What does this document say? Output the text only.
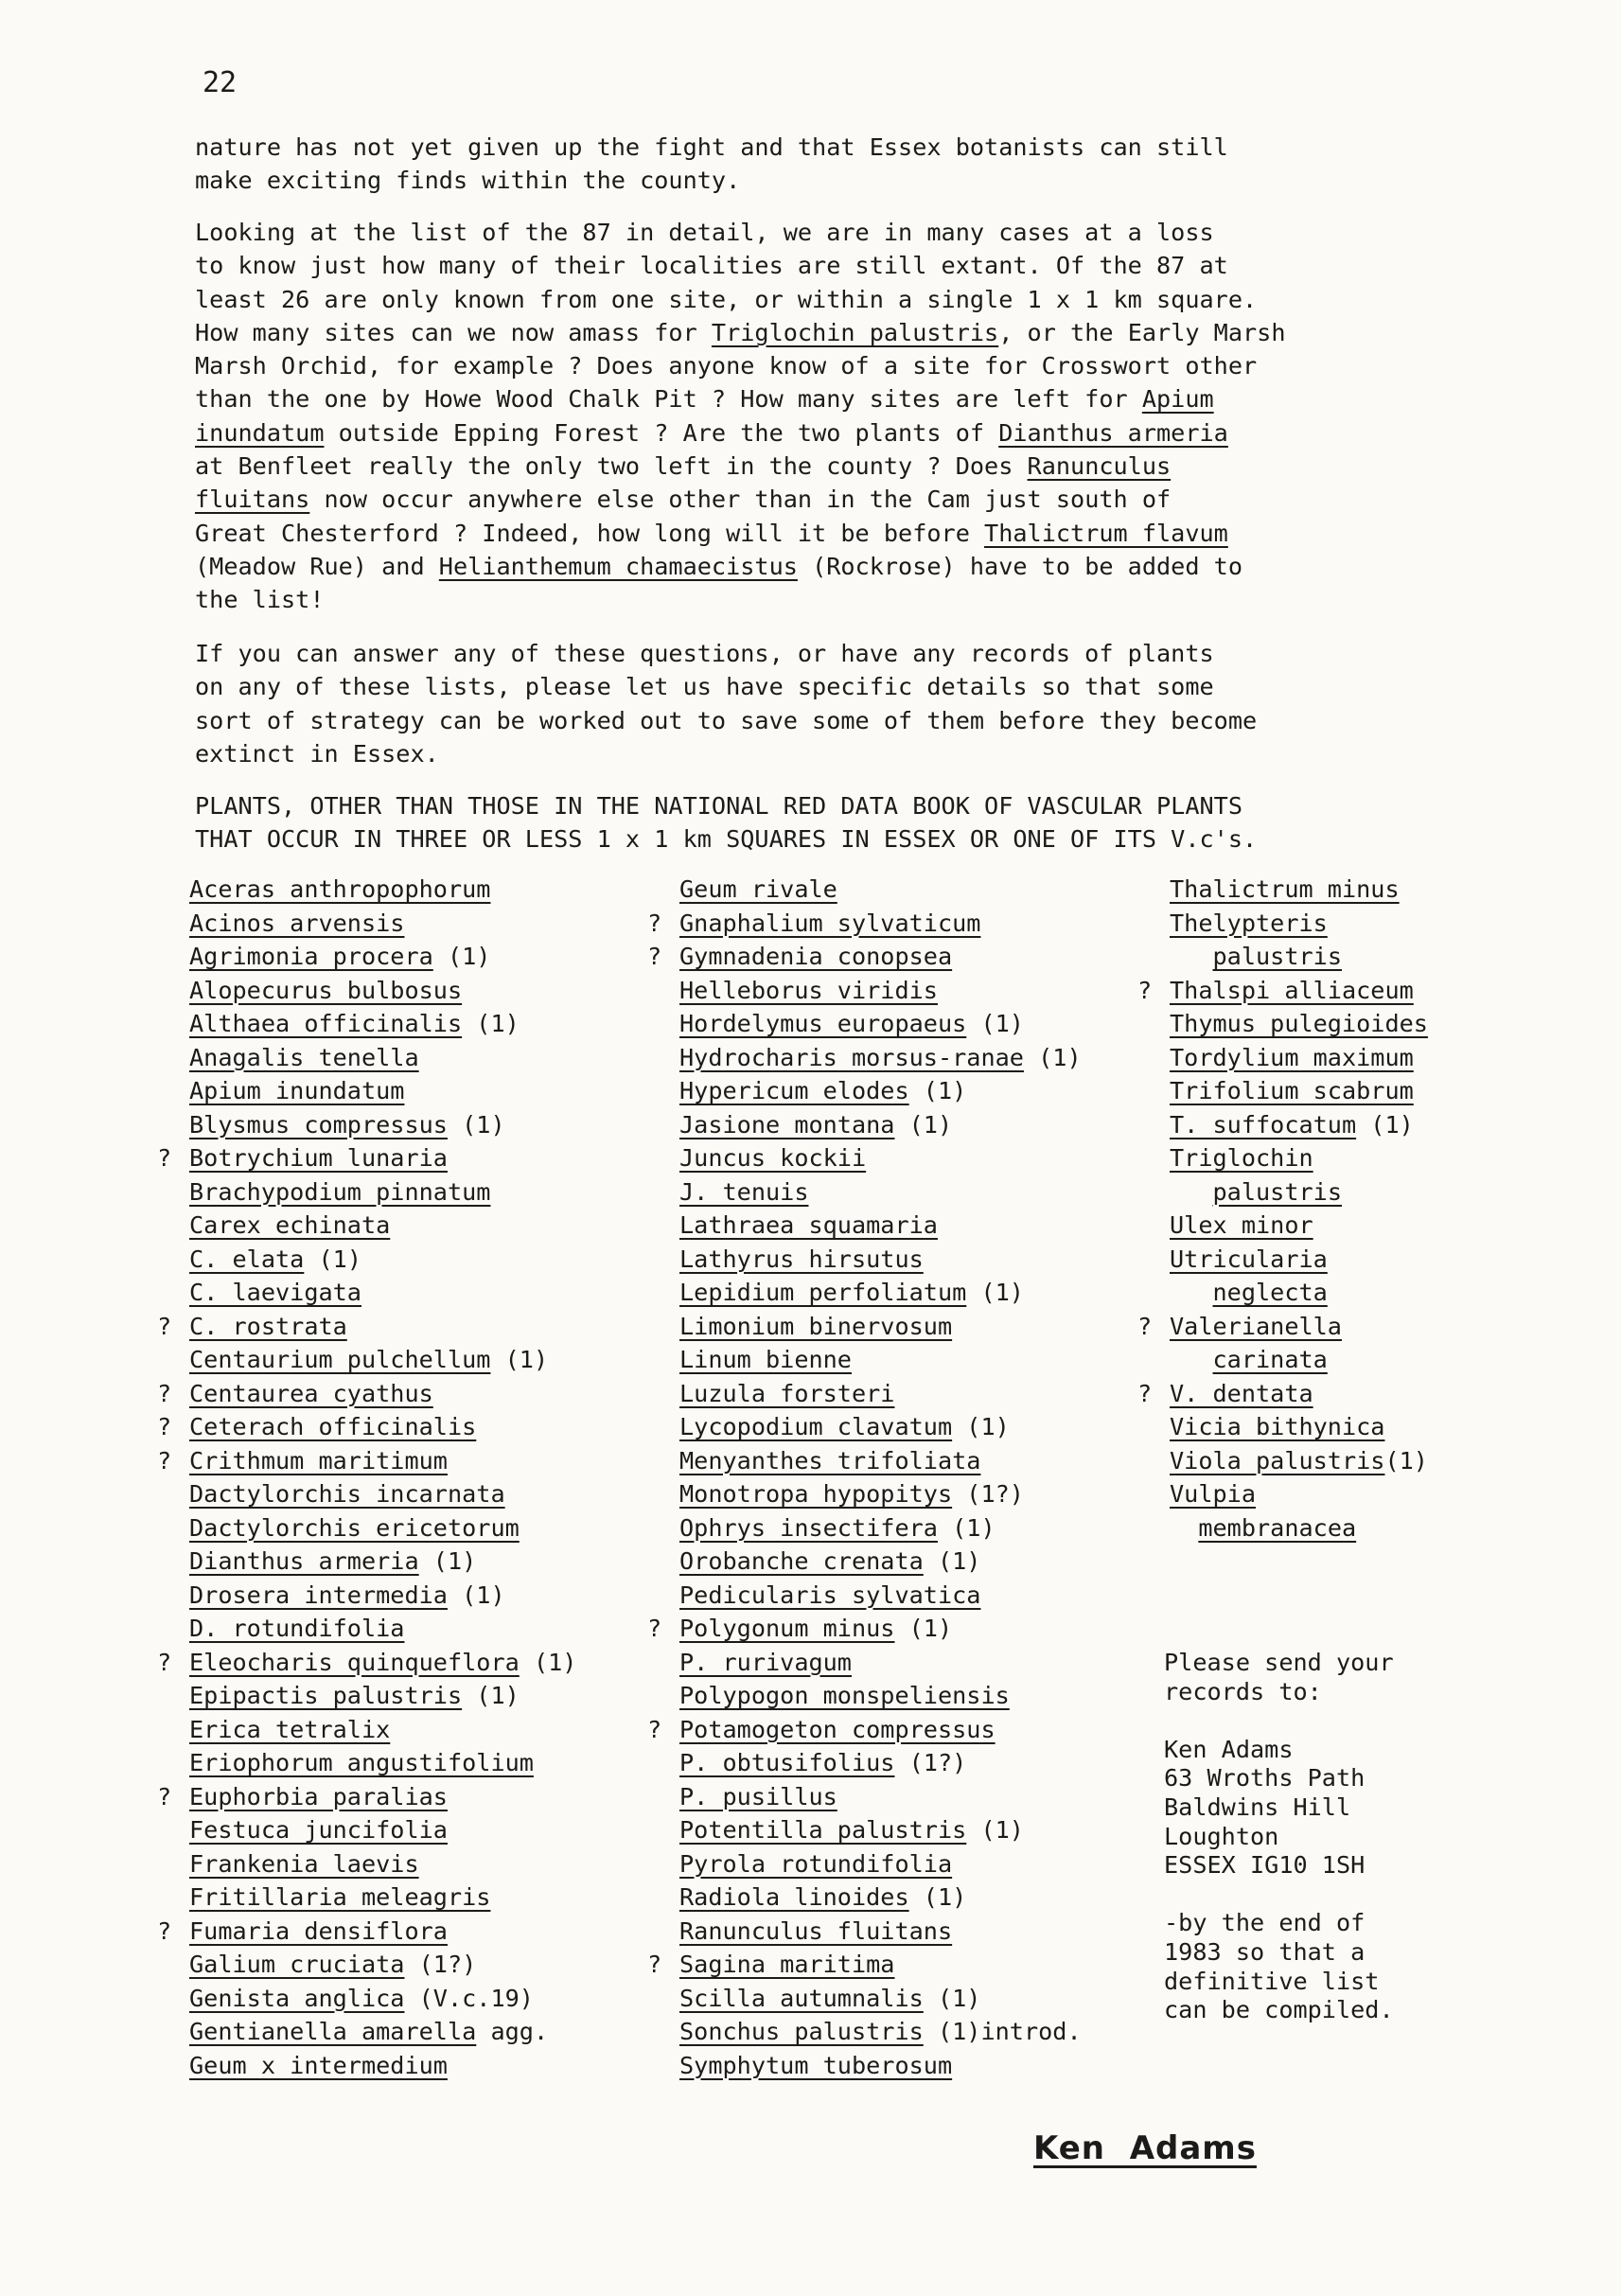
22
nature has not yet given up the fight and that Essex botanists can still
make exciting finds within the county.
Looking at the list of the 87 in detail, we are in many cases at a loss
to know just how many of their localities are still extant. Of the 87 at
least 26 are only known from one site, or within a single 1 x 1 km square.
How many sites can we now amass for Triglochin palustris, or the Early Marsh
Marsh Orchid, for example ? Does anyone know of a site for Crosswort other
than the one by Howe Wood Chalk Pit ? How many sites are left for Apium
inundatum outside Epping Forest ? Are the two plants of Dianthus armeria
at Benfleet really the only two left in the county ? Does Ranunculus
fluitans now occur anywhere else other than in the Cam just south of
Great Chesterford ? Indeed, how long will it be before Thalictrum flavum
(Meadow Rue) and Helianthemum chamaecistus (Rockrose) have to be added to
the list!
If you can answer any of these questions, or have any records of plants
on any of these lists, please let us have specific details so that some
sort of strategy can be worked out to save some of them before they become
extinct in Essex.
PLANTS, OTHER THAN THOSE IN THE NATIONAL RED DATA BOOK OF VASCULAR PLANTS
THAT OCCUR IN THREE OR LESS 1 x 1 km SQUARES IN ESSEX OR ONE OF ITS V.c's.
Aceras anthropophorum
Acinos arvensis
Agrimonia procera (1)
Alopecurus bulbosus
Althaea officinalis (1)
Anagalis tenella
Apium inundatum
Blysmus compressus (1)
? Botrychium lunaria
Brachypodium pinnatum
Carex echinata
C. elata (1)
C. laevigata
? C. rostrata
Centaurium pulchellum (1)
? Centaurea cyathus
? Ceterach officinalis
? Crithmum maritimum
Dactylorchis incarnata
Dactylorchis ericetorum
Dianthus armeria (1)
Drosera intermedia (1)
D. rotundifolia
? Eleocharis quinqueflora (1)
Epipactis palustris (1)
Erica tetralix
Eriophorum angustifolium
? Euphorbia paralias
Festuca juncifolia
Frankenia laevis
Fritillaria meleagris
? Fumaria densiflora
Galium cruciata (1?)
Genista anglica (V.c.19)
Gentianella amarella agg.
Geum x intermedium
Geum rivale
? Gnaphalium sylvaticum
? Gymnadenia conopsea
Helleborus viridis
Hordelymus europaeus (1)
Hydrocharis morsus-ranae (1)
Hypericum elodes (1)
Jasione montana (1)
Juncus kockii
J. tenuis
Lathraea squamaria
Lathyrus hirsutus
Lepidium perfoliatum (1)
Limonium binervosum
Linum bienne
Luzula forsteri
Lycopodium clavatum (1)
Menyanthes trifoliata
Monotropa hypopitys (1?)
Ophrys insectifera (1)
Orobanche crenata (1)
Pedicularis sylvatica
? Polygonum minus (1)
P. rurivagum
Polypogon monspeliensis
? Potamogeton compressus
P. obtusifolius (1?)
P. pusillus
Potentilla palustris (1)
Pyrola rotundifolia
Radiola linoides (1)
Ranunculus fluitans
? Sagina maritima
Scilla autumnalis (1)
Sonchus palustris (1)introd.
Symphytum tuberosum
Thalictrum minus
Thelypteris
palustris
? Thalspi alliaceum
Thymus pulegioides
Tordylium maximum
Trifolium scabrum
T. suffocatum (1)
Triglochin
palustris
Ulex minor
Utricularia
neglecta
? Valerianella
carinata
? V. dentata
Vicia bithynica
Viola palustris(1)
Vulpia
membranacea
Please send your
records to:

Ken Adams
63 Wroths Path
Baldwins Hill
Loughton
ESSEX IG10 1SH

-by the end of
1983 so that a
definitive list
can be compiled.
Ken  Adams
